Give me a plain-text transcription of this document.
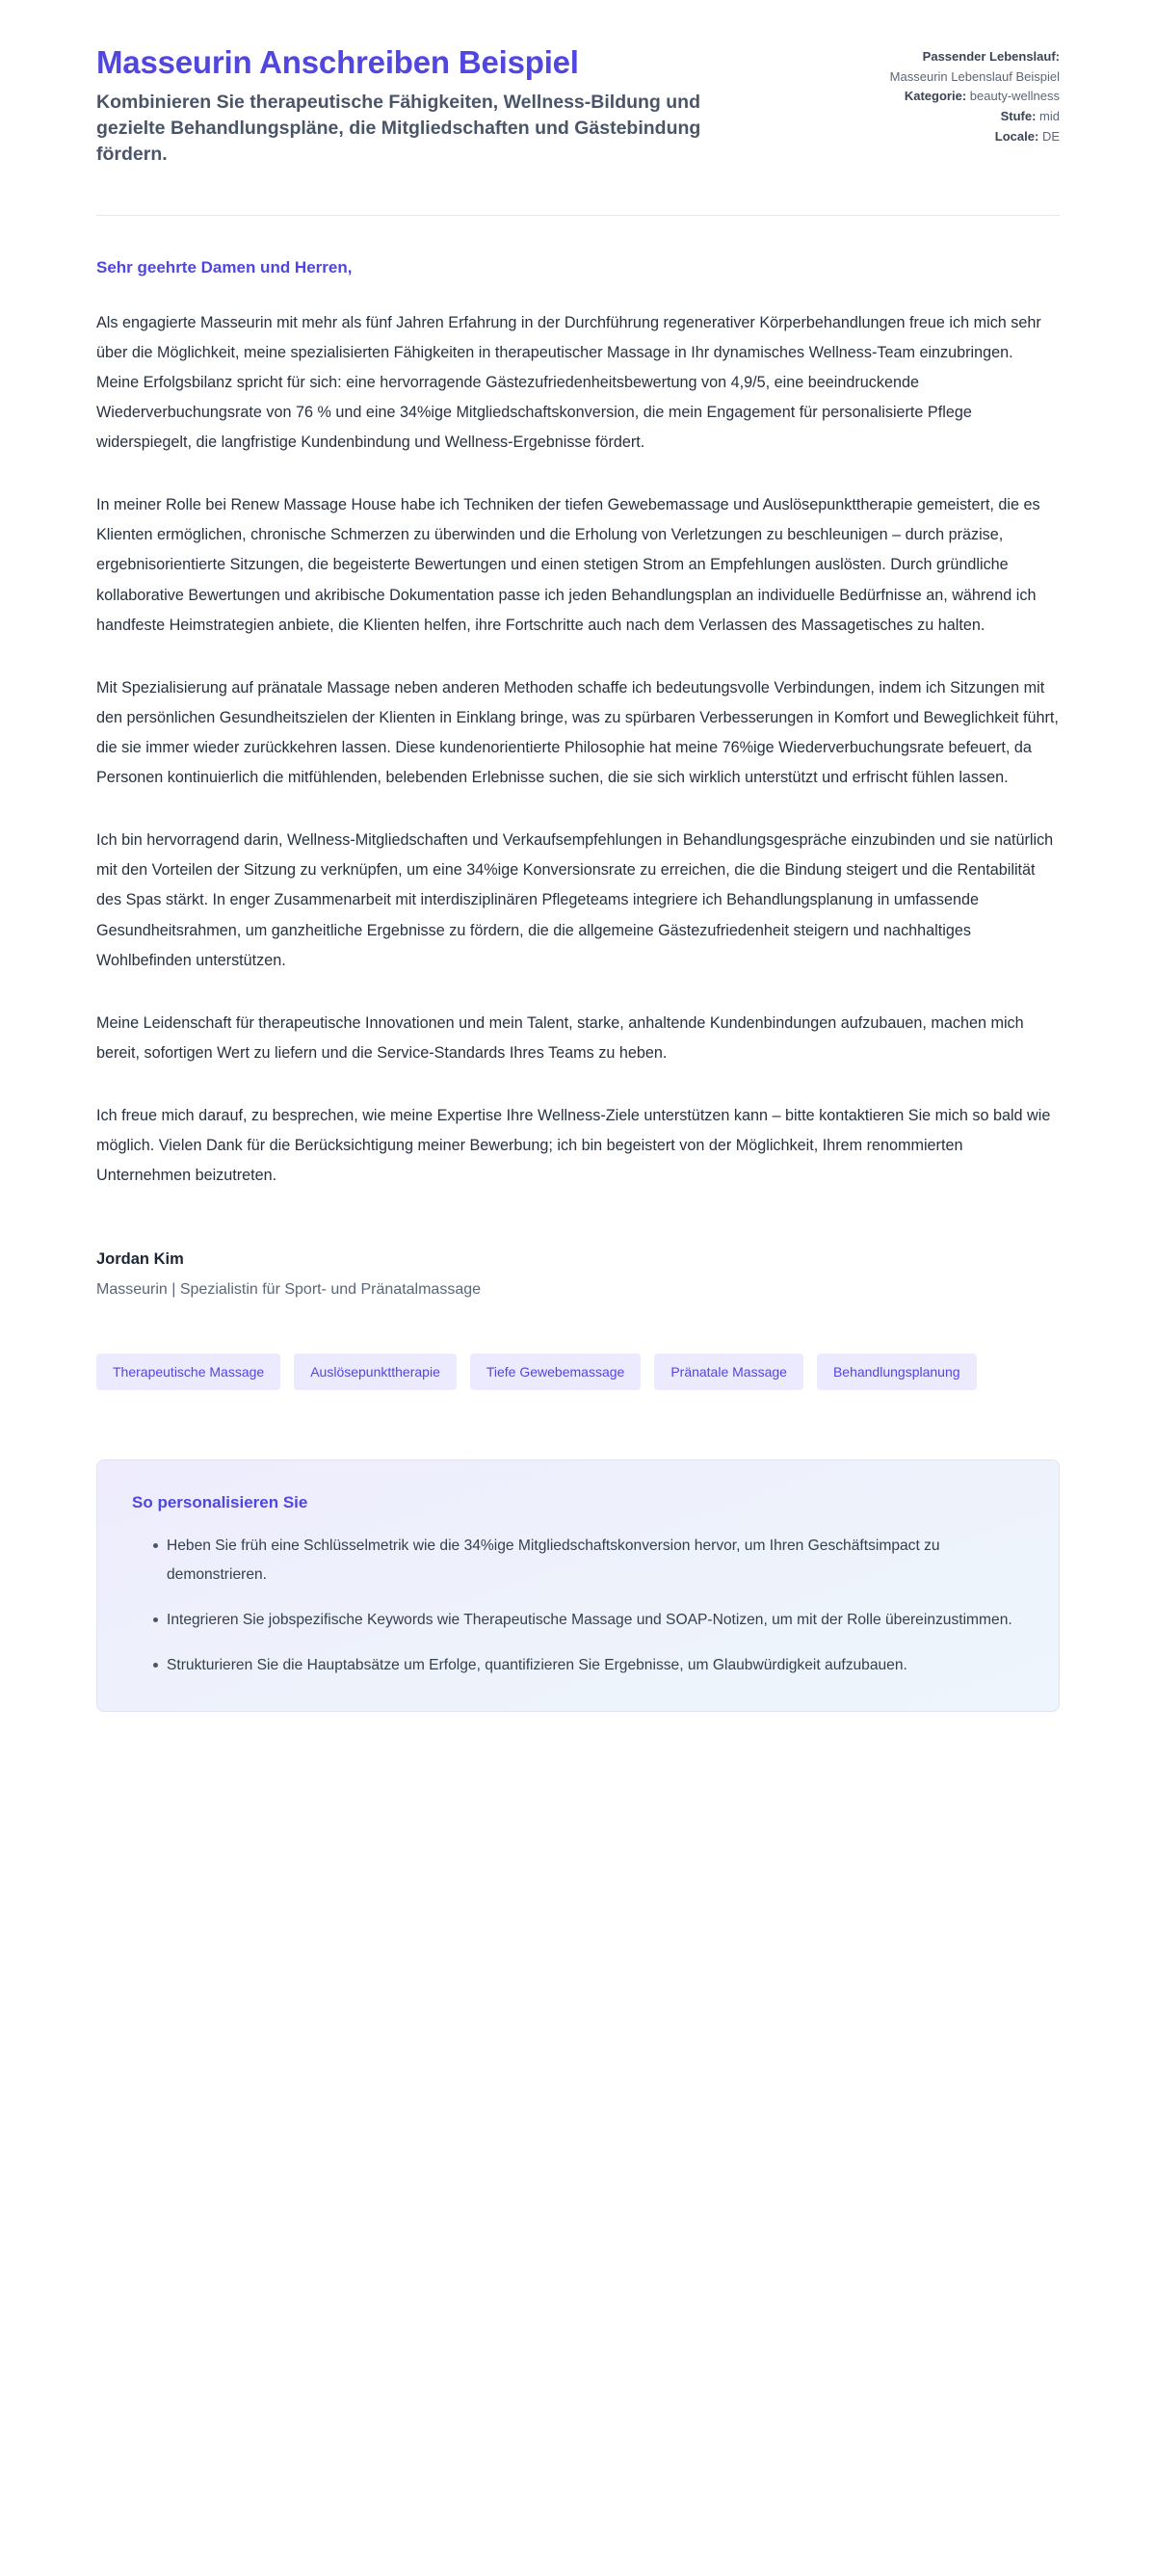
Masseurin Anschreiben Beispiel

Kombinieren Sie therapeutische Fähigkeiten, Wellness-Bildung und gezielte Behandlungspläne, die Mitgliedschaften und Gästebindung fördern.

Passender Lebenslauf:
Masseurin Lebenslauf Beispiel
Kategorie: beauty-wellness
Stufe: mid
Locale: DE

Sehr geehrte Damen und Herren,

Als engagierte Masseurin mit mehr als fünf Jahren Erfahrung in der Durchführung regenerativer Körperbehandlungen freue ich mich sehr über die Möglichkeit, meine spezialisierten Fähigkeiten in therapeutischer Massage in Ihr dynamisches Wellness-Team einzubringen. Meine Erfolgsbilanz spricht für sich: eine hervorragende Gästezufriedenheitsbewertung von 4,9/5, eine beeindruckende Wiederverbuchungsrate von 76 % und eine 34%ige Mitgliedschaftskonversion, die mein Engagement für personalisierte Pflege widerspiegelt, die langfristige Kundenbindung und Wellness-Ergebnisse fördert.

In meiner Rolle bei Renew Massage House habe ich Techniken der tiefen Gewebemassage und Auslösepunkttherapie gemeistert, die es Klienten ermöglichen, chronische Schmerzen zu überwinden und die Erholung von Verletzungen zu beschleunigen – durch präzise, ergebnisorientierte Sitzungen, die begeisterte Bewertungen und einen stetigen Strom an Empfehlungen auslösten. Durch gründliche kollaborative Bewertungen und akribische Dokumentation passe ich jeden Behandlungsplan an individuelle Bedürfnisse an, während ich handfeste Heimstrategien anbiete, die Klienten helfen, ihre Fortschritte auch nach dem Verlassen des Massagetisches zu halten.

Mit Spezialisierung auf pränatale Massage neben anderen Methoden schaffe ich bedeutungsvolle Verbindungen, indem ich Sitzungen mit den persönlichen Gesundheitszielen der Klienten in Einklang bringe, was zu spürbaren Verbesserungen in Komfort und Beweglichkeit führt, die sie immer wieder zurückkehren lassen. Diese kundenorientierte Philosophie hat meine 76%ige Wiederverbuchungsrate befeuert, da Personen kontinuierlich die mitfühlenden, belebenden Erlebnisse suchen, die sie sich wirklich unterstützt und erfrischt fühlen lassen.

Ich bin hervorragend darin, Wellness-Mitgliedschaften und Verkaufsempfehlungen in Behandlungsgespräche einzubinden und sie natürlich mit den Vorteilen der Sitzung zu verknüpfen, um eine 34%ige Konversionsrate zu erreichen, die die Bindung steigert und die Rentabilität des Spas stärkt. In enger Zusammenarbeit mit interdisziplinären Pflegeteams integriere ich Behandlungsplanung in umfassende Gesundheitsrahmen, um ganzheitliche Ergebnisse zu fördern, die die allgemeine Gästezufriedenheit steigern und nachhaltiges Wohlbefinden unterstützen.

Meine Leidenschaft für therapeutische Innovationen und mein Talent, starke, anhaltende Kundenbindungen aufzubauen, machen mich bereit, sofortigen Wert zu liefern und die Service-Standards Ihres Teams zu heben.

Ich freue mich darauf, zu besprechen, wie meine Expertise Ihre Wellness-Ziele unterstützen kann – bitte kontaktieren Sie mich so bald wie möglich. Vielen Dank für die Berücksichtigung meiner Bewerbung; ich bin begeistert von der Möglichkeit, Ihrem renommierten Unternehmen beizutreten.

Jordan Kim

Masseurin | Spezialistin für Sport- und Pränatalmassage

Therapeutische Massage	Auslösepunkttherapie	Tiefe Gewebemassage	Pränatale Massage	Behandlungsplanung
So personalisieren Sie
Heben Sie früh eine Schlüsselmetrik wie die 34%ige Mitgliedschaftskonversion hervor, um Ihren Geschäftsimpact zu demonstrieren.
Integrieren Sie jobspezifische Keywords wie Therapeutische Massage und SOAP-Notizen, um mit der Rolle übereinzustimmen.
Strukturieren Sie die Hauptabsätze um Erfolge, quantifizieren Sie Ergebnisse, um Glaubwürdigkeit aufzubauen.
